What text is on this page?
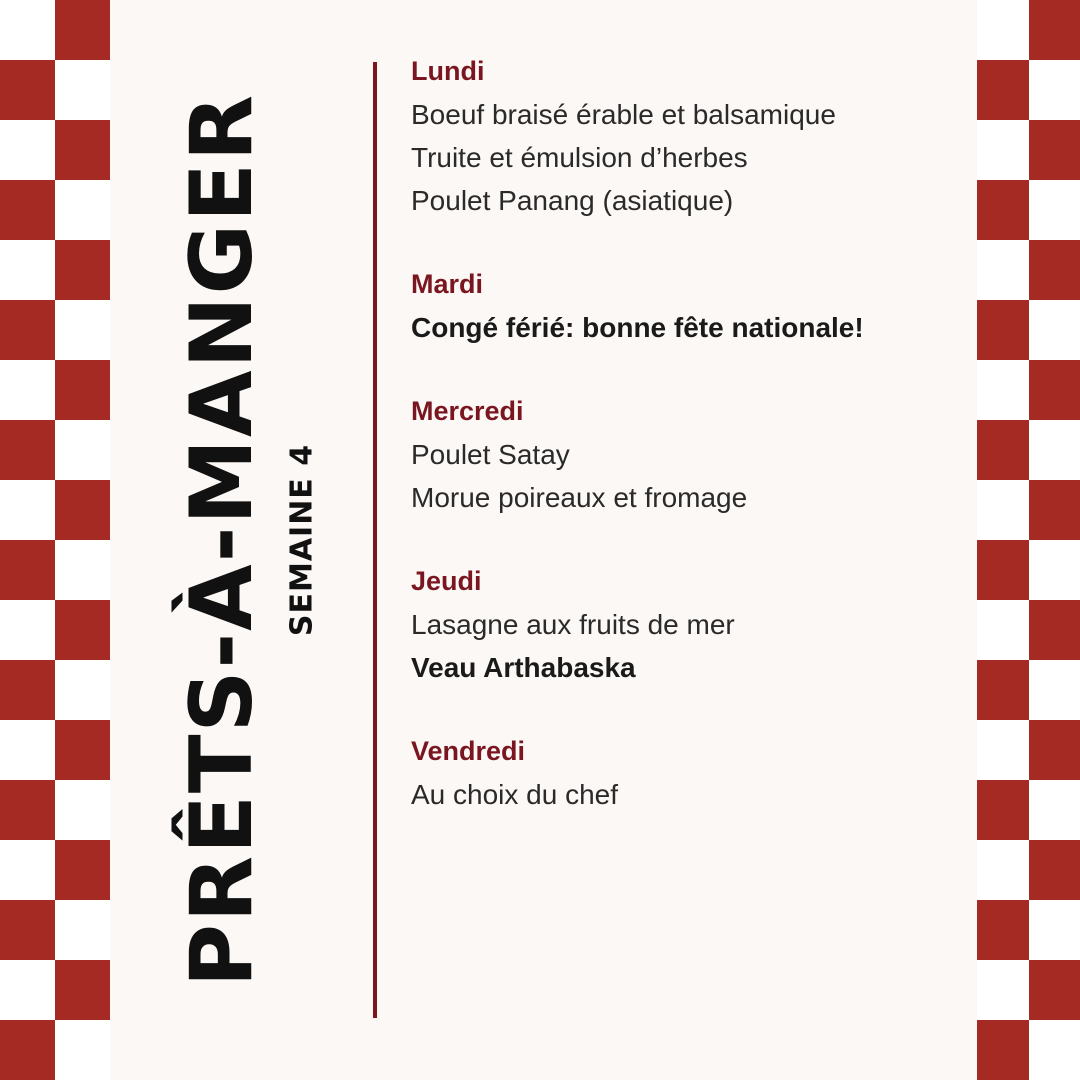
PRÊTS-À-MANGER SEMAINE 4
Lundi
Boeuf braisé érable et balsamique
Truite et émulsion d’herbes
Poulet Panang (asiatique)
Mardi
Congé férié: bonne fête nationale!
Mercredi
Poulet Satay
Morue poireaux et fromage
Jeudi
Lasagne aux fruits de mer
Veau Arthabaska
Vendredi
Au choix du chef
